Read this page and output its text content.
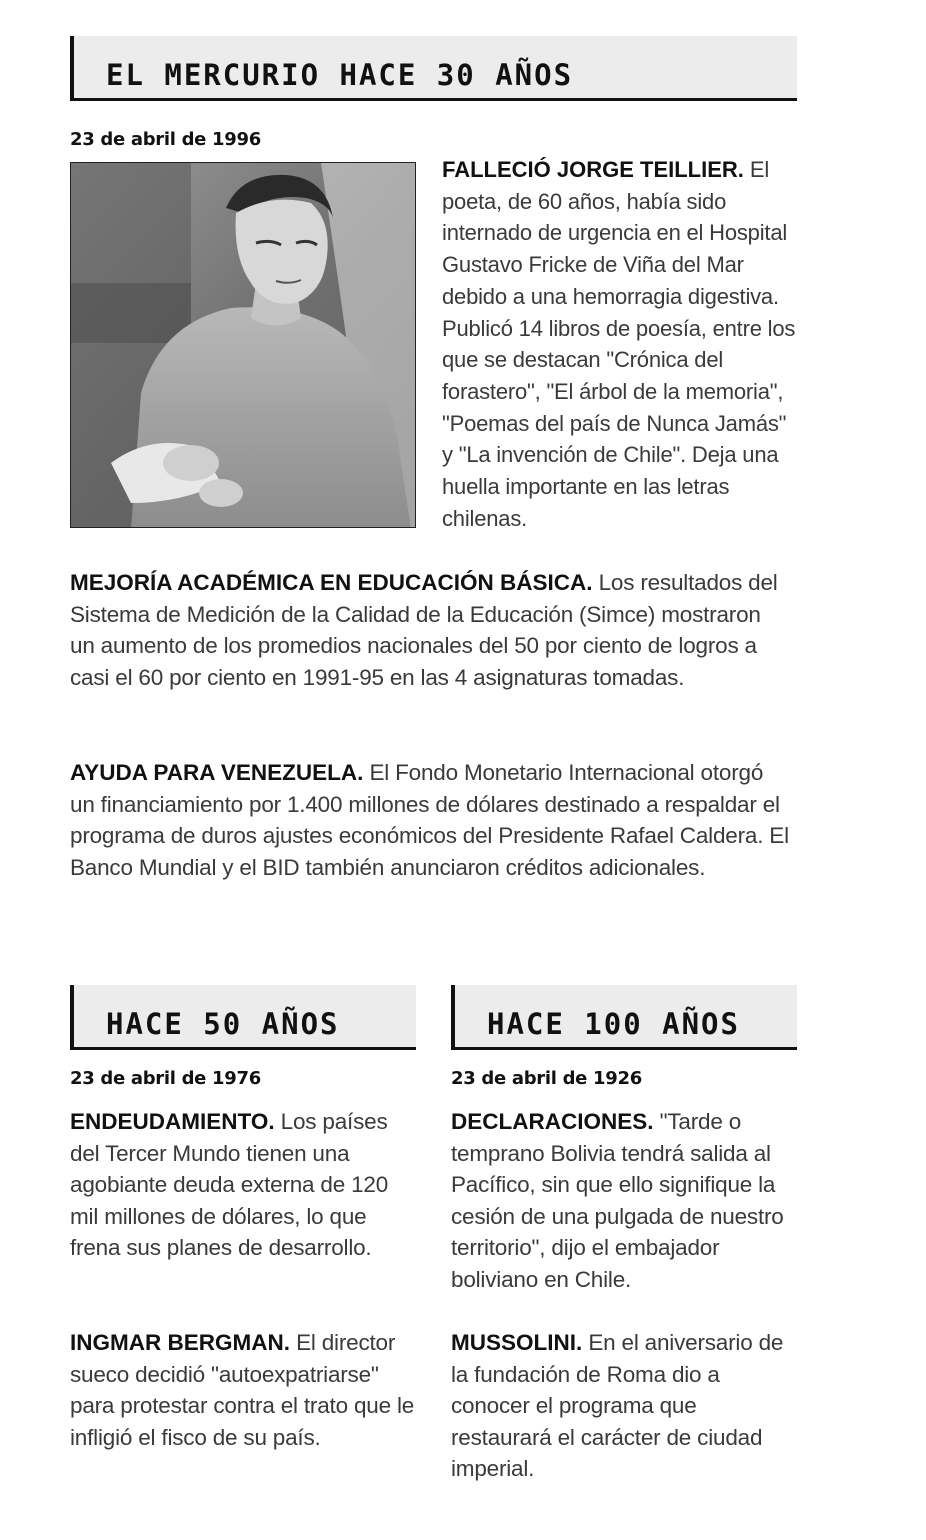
EL MERCURIO HACE 30 AÑOS
23 de abril de 1996
FALLECIÓ JORGE TEILLIER. El poeta, de 60 años, había sido internado de urgencia en el Hospital Gustavo Fricke de Viña del Mar debido a una hemorragia digestiva. Publicó 14 libros de poesía, entre los que se destacan "Crónica del forastero", "El árbol de la memoria", "Poemas del país de Nunca Jamás" y "La invención de Chile". Deja una huella importante en las letras chilenas.
MEJORÍA ACADÉMICA EN EDUCACIÓN BÁSICA. Los resultados del Sistema de Medición de la Calidad de la Educación (Simce) mostraron un aumento de los promedios nacionales del 50 por ciento de logros a casi el 60 por ciento en 1991-95 en las 4 asignaturas tomadas.
AYUDA PARA VENEZUELA. El Fondo Monetario Internacional otorgó un financiamiento por 1.400 millones de dólares destinado a respaldar el programa de duros ajustes económicos del Presidente Rafael Caldera. El Banco Mundial y el BID también anunciaron créditos adicionales.
HACE 50 AÑOS
23 de abril de 1976
ENDEUDAMIENTO. Los países del Tercer Mundo tienen una agobiante deuda externa de 120 mil millones de dólares, lo que frena sus planes de desarrollo.
INGMAR BERGMAN. El director sueco decidió "autoexpatriarse" para protestar contra el trato que le infligió el fisco de su país.
HACE 100 AÑOS
23 de abril de 1926
DECLARACIONES. "Tarde o temprano Bolivia tendrá salida al Pacífico, sin que ello signifique la cesión de una pulgada de nuestro territorio", dijo el embajador boliviano en Chile.
MUSSOLINI. En el aniversario de la fundación de Roma dio a conocer el programa que restaurará el carácter de ciudad imperial.
